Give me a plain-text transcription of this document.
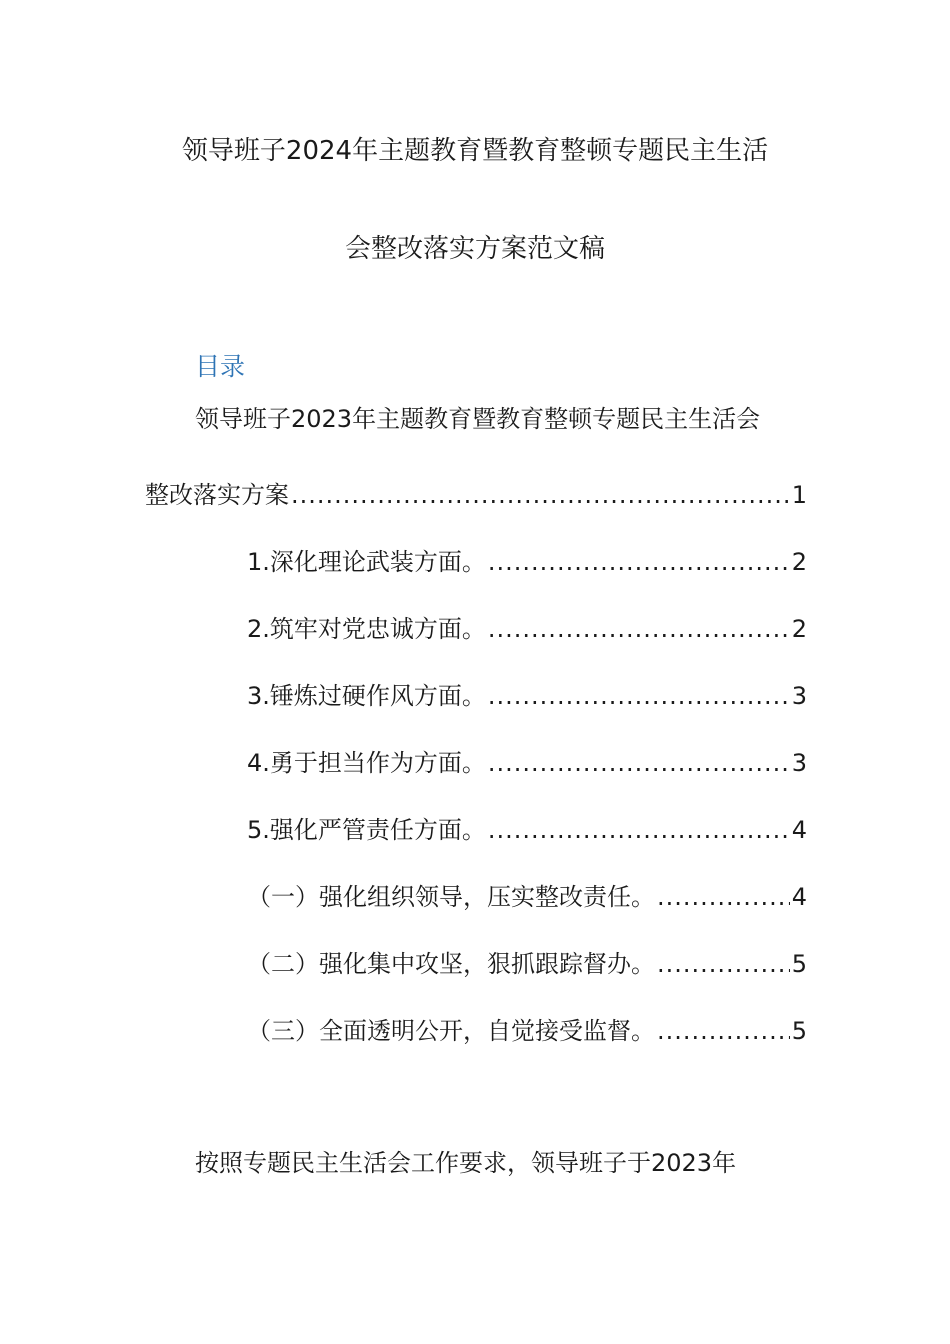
领导班子2024年主题教育暨教育整顿专题民主生活
会整改落实方案范文稿
目录
领导班子2023年主题教育暨教育整顿专题民主生活会
整改落实方案 .....	1
1.深化理论武装方面。 .....	2
2.筑牢对党忠诚方面。 .....	2
3.锤炼过硬作风方面。 .....	3
4.勇于担当作为方面。 .....	3
5.强化严管责任方面。 .....	4
（一）强化组织领导，压实整改责任。 .....	4
（二）强化集中攻坚，狠抓跟踪督办。 .....	5
（三）全面透明公开，自觉接受监督。 .....	5
按照专题民主生活会工作要求，领导班子于2023年
